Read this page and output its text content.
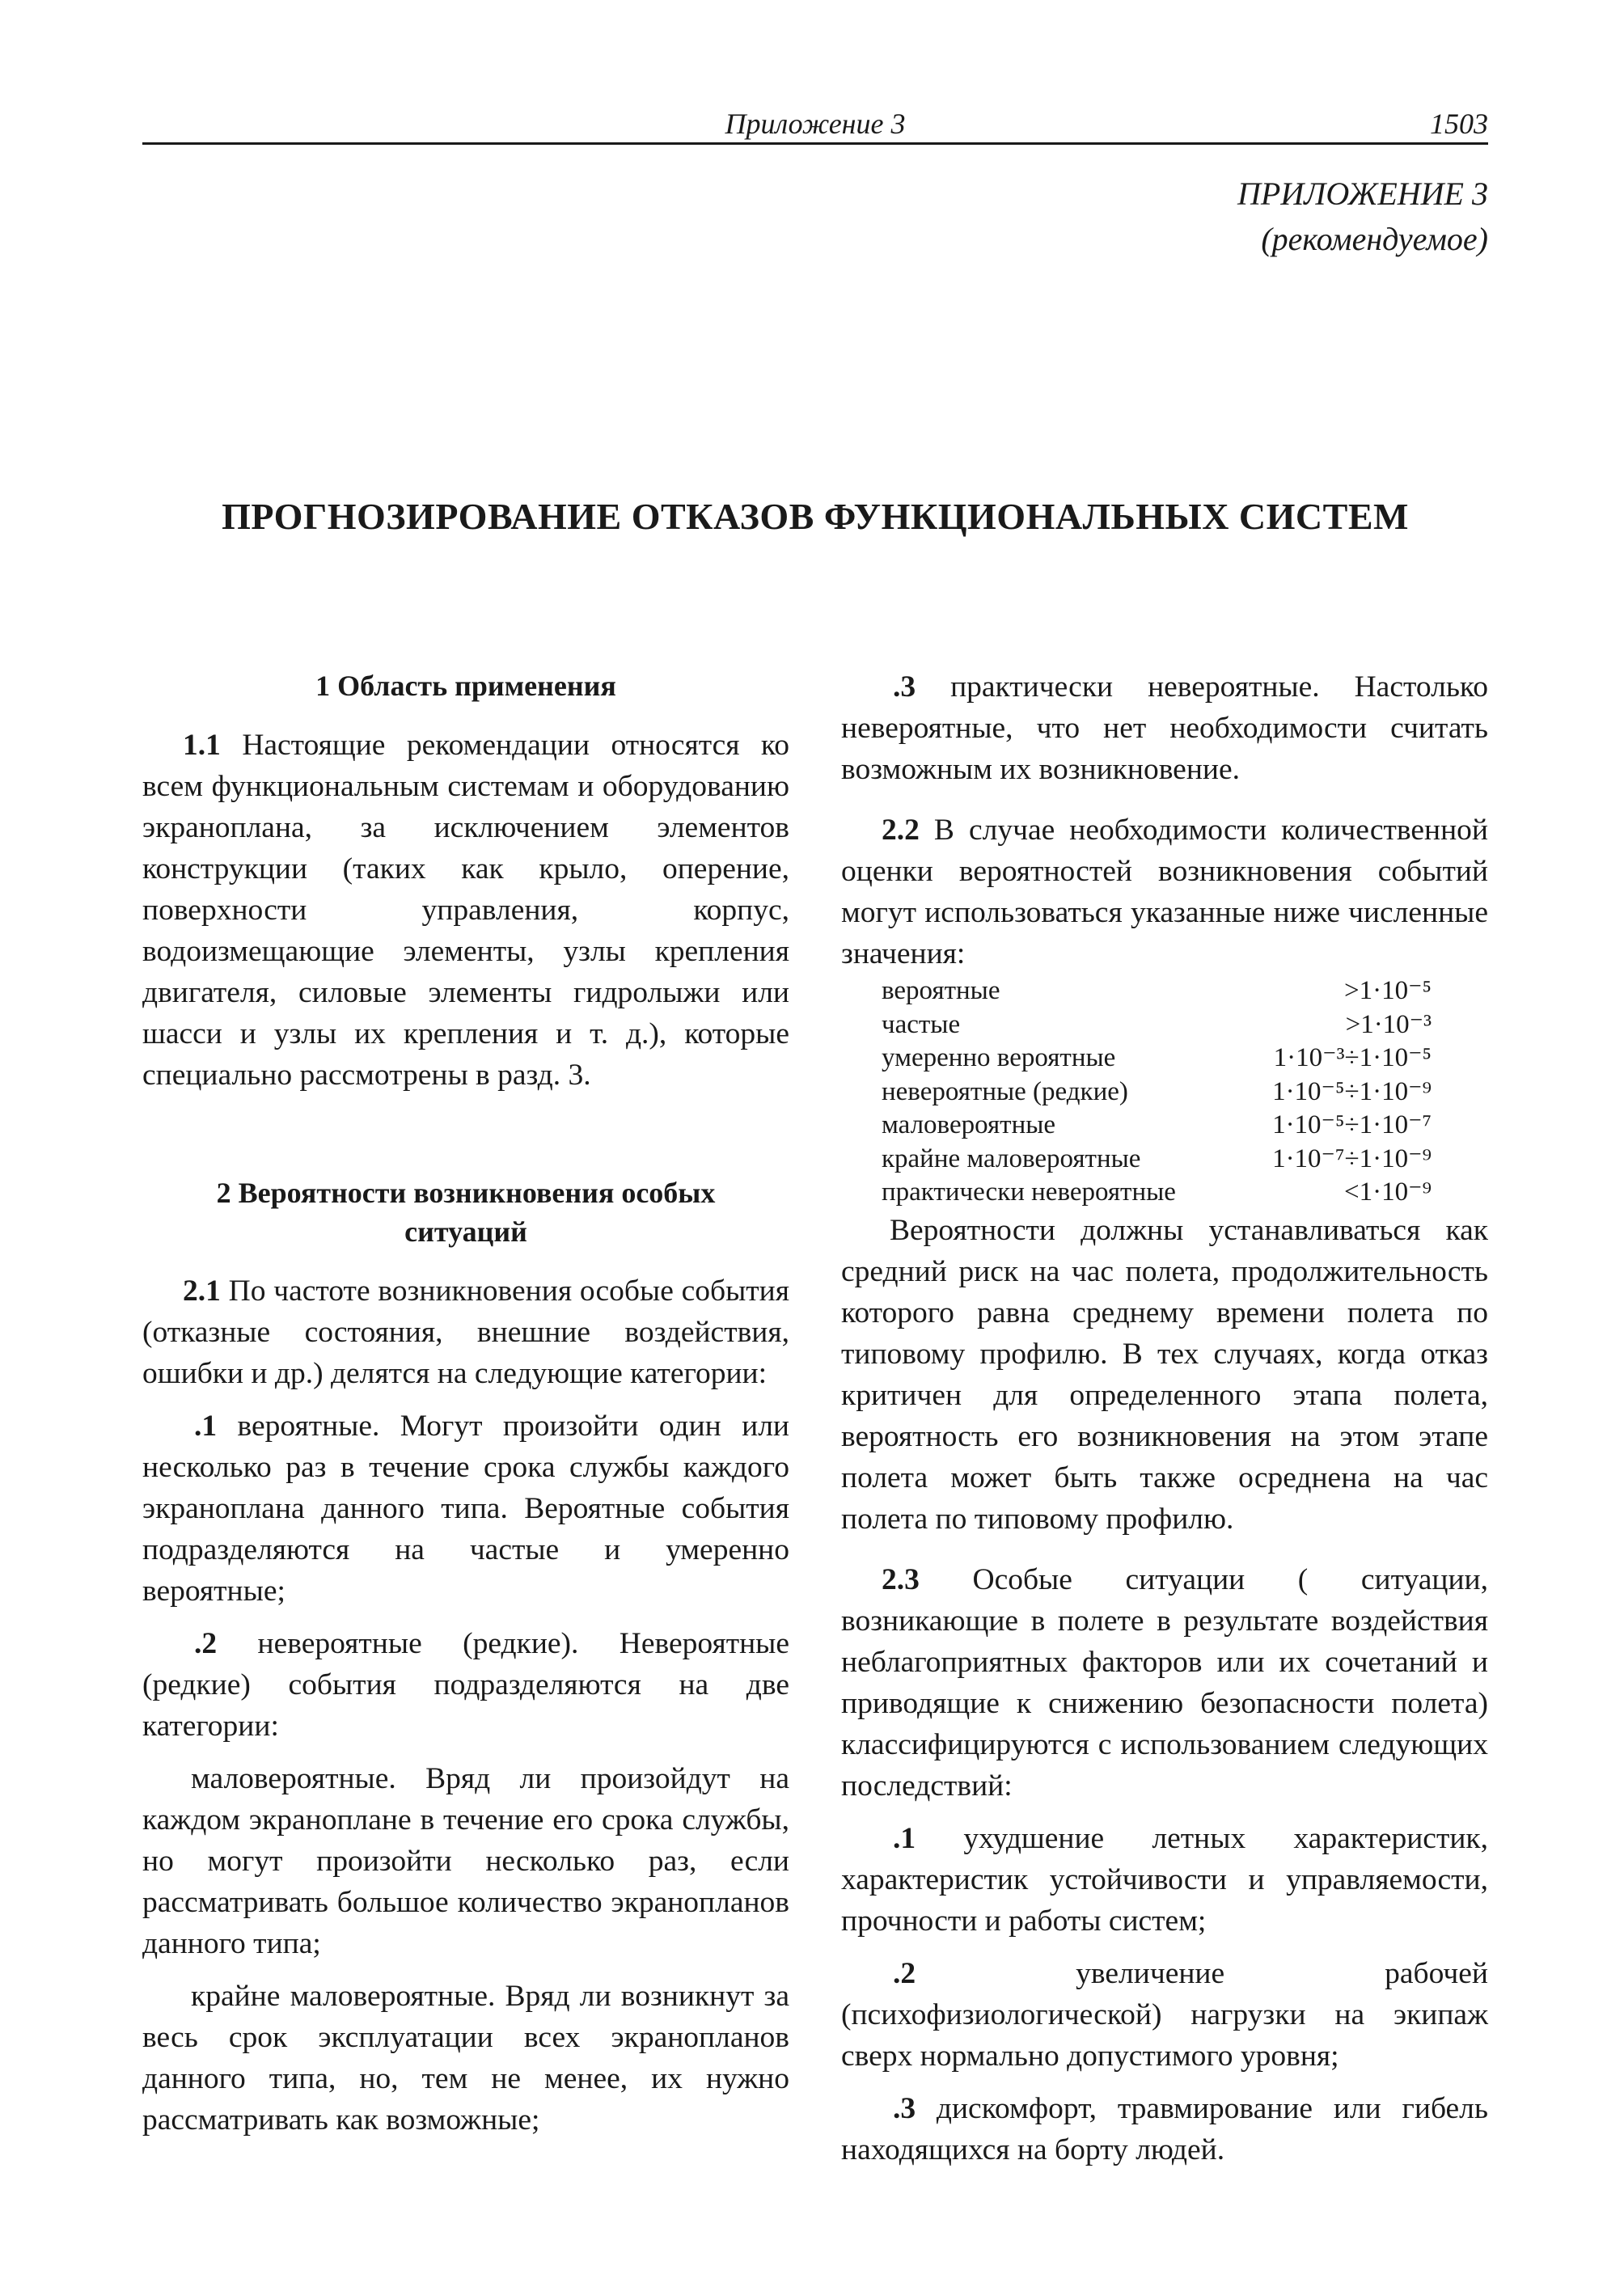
Приложение 3	1503
ПРИЛОЖЕНИЕ 3
(рекомендуемое)
ПРОГНОЗИРОВАНИЕ ОТКАЗОВ ФУНКЦИОНАЛЬНЫХ СИСТЕМ

1 Область применения

1.1 Настоящие рекомендации относятся ко всем функциональным системам и оборудованию экраноплана, за исключением элементов конструкции (таких как крыло, оперение, поверхности управления, корпус, водоизмещающие элементы, узлы крепления двигателя, силовые элементы гидролыжи или шасси и узлы их крепления и т. д.), которые специально рассмотрены в разд. 3.

2 Вероятности возникновения особых
ситуаций

2.1 По частоте возникновения особые события (отказные состояния, внешние воздействия, ошибки и др.) делятся на следующие категории:

.1 вероятные. Могут произойти один или несколько раз в течение срока службы каждого экраноплана данного типа. Вероятные события подразделяются на частые и умеренно вероятные;

.2 невероятные (редкие). Невероятные (редкие) события подразделяются на две категории:

маловероятные. Вряд ли произойдут на каждом экраноплане в течение его срока службы, но могут произойти несколько раз, если рассматривать большое количество экранопланов данного типа;

крайне маловероятные. Вряд ли возникнут за весь срок эксплуатации всех экранопланов данного типа, но, тем не менее, их нужно рассматривать как возможные;

.3 практически невероятные. Настолько невероятные, что нет необходимости считать возможным их возникновение.

2.2 В случае необходимости количественной оценки вероятностей возникновения событий могут использоваться указанные ниже численные значения:

вероятные	>1·10⁻⁵
частые	>1·10⁻³
умеренно вероятные	1·10⁻³÷1·10⁻⁵
невероятные (редкие)	1·10⁻⁵÷1·10⁻⁹
маловероятные	1·10⁻⁵÷1·10⁻⁷
крайне маловероятные	1·10⁻⁷÷1·10⁻⁹
практически невероятные	<1·10⁻⁹

Вероятности должны устанавливаться как средний риск на час полета, продолжительность которого равна среднему времени полета по типовому профилю. В тех случаях, когда отказ критичен для определенного этапа полета, вероятность его возникновения на этом этапе полета может быть также осреднена на час полета по типовому профилю.

2.3 Особые ситуации ( ситуации, возникающие в полете в результате воздействия неблагоприятных факторов или их сочетаний и приводящие к снижению безопасности полета) классифицируются с использованием следующих последствий:

.1 ухудшение летных характеристик, характеристик устойчивости и управляемости, прочности и работы систем;

.2 увеличение рабочей (психофизиологической) нагрузки на экипаж сверх нормально допустимого уровня;

.3 дискомфорт, травмирование или гибель находящихся на борту людей.
